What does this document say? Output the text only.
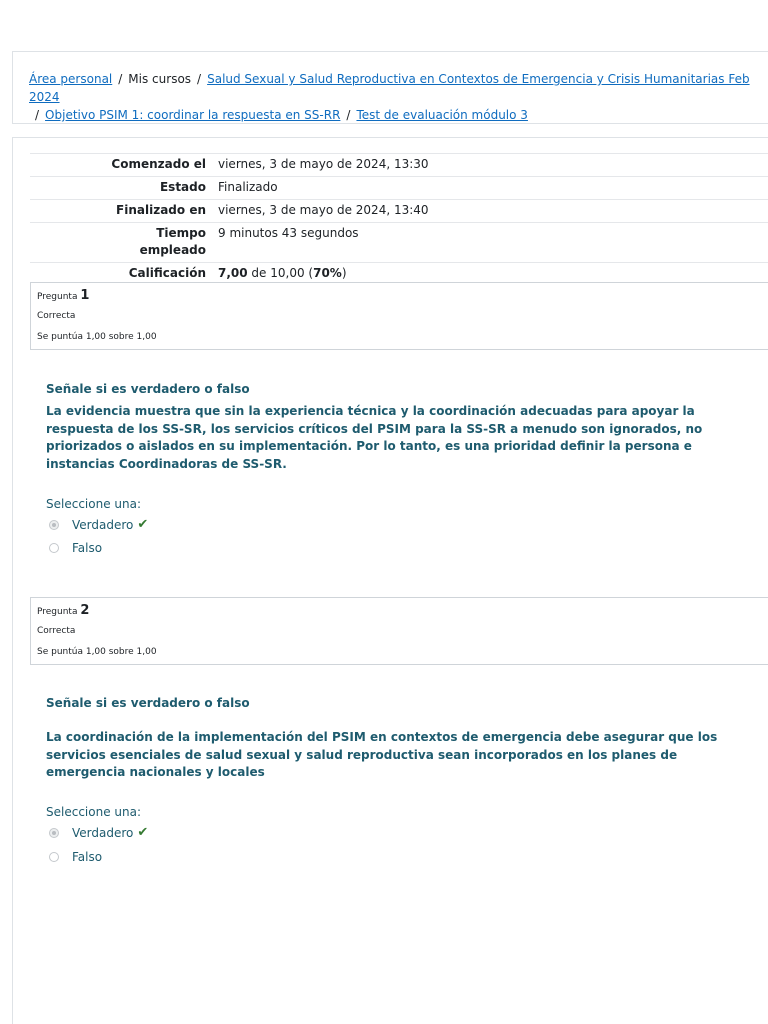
Área personal / Mis cursos / Salud Sexual y Salud Reproductiva en Contextos de Emergencia y Crisis Humanitarias Feb 2024
/ Objetivo PSIM 1: coordinar la respuesta en SS-RR / Test de evaluación módulo 3
Comenzado el	viernes, 3 de mayo de 2024, 13:30
Estado	Finalizado
Finalizado en	viernes, 3 de mayo de 2024, 13:40
Tiempo empleado	9 minutos 43 segundos
Calificación	7,00 de 10,00 (70%)
Pregunta 1
Correcta
Se puntúa 1,00 sobre 1,00
Señale si es verdadero o falso
La evidencia muestra que sin la experiencia técnica y la coordinación adecuadas para apoyar la respuesta de los SS-SR, los servicios críticos del PSIM para la SS-SR a menudo son ignorados, no priorizados o aislados en su implementación. Por lo tanto, es una prioridad definir la persona e instancias Coordinadoras de SS-SR.
Seleccione una:
Verdadero ✔
Falso
Pregunta 2
Correcta
Se puntúa 1,00 sobre 1,00
Señale si es verdadero o falso
La coordinación de la implementación del PSIM en contextos de emergencia debe asegurar que los servicios esenciales de salud sexual y salud reproductiva sean incorporados en los planes de emergencia nacionales y locales
Seleccione una:
Verdadero ✔
Falso
